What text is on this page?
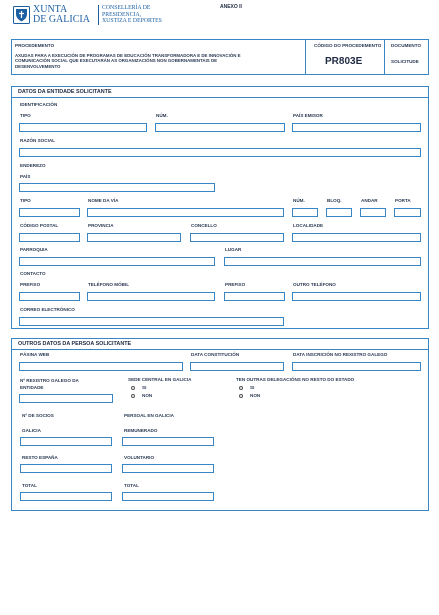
XUNTA
DE GALICIA
CONSELLERÍA DE
PRESIDENCIA,
XUSTIZA E DEPORTES
ANEXO II
PROCEDEMENTO
AXUDAS PARA A EXECUCIÓN DE PROGRAMAS DE EDUCACIÓN TRANSFORMADORA E DE INNOVACIÓN E
COMUNICACIÓN SOCIAL QUE EXECUTARÁN AS ORGANIZACIÓNS NON GOBERNAMENTAIS DE
DESENVOLVEMENTO
CÓDIGO DO PROCEDEMENTO
PR803E
DOCUMENTO
SOLICITUDE
DATOS DA ENTIDADE SOLICITANTE
IDENTIFICACIÓN
TIPO	NÚM.	PAÍS EMISOR
RAZÓN SOCIAL
ENDEREZO
PAÍS
TIPO	NOME DA VÍA	NÚM.	BLOQ.	ANDAR	PORTA
CÓDIGO POSTAL	PROVINCIA	CONCELLO	LOCALIDADE
PARROQUIA	LUGAR
CONTACTO
PREFIXO	TELÉFONO MÓBIL	PREFIXO	OUTRO TELÉFONO
CORREO ELECTRÓNICO
OUTROS DATOS DA PERSOA SOLICITANTE
PÁXINA WEB	DATA CONSTITUCIÓN	DATA INSCRICIÓN NO REXISTRO GALEGO
Nº REXISTRO GALEGO DA
ENTIDADE
SEDE CENTRAL EN GALICIA
SI
NON
TEN OUTRAS DELEGACIÓNS NO RESTO DO ESTADO
SI
NON
Nº DE SOCIOS	PERSOAL EN GALICIA
GALICIA	REMUNERADO
RESTO ESPAÑA	VOLUNTARIO
TOTAL	TOTAL
